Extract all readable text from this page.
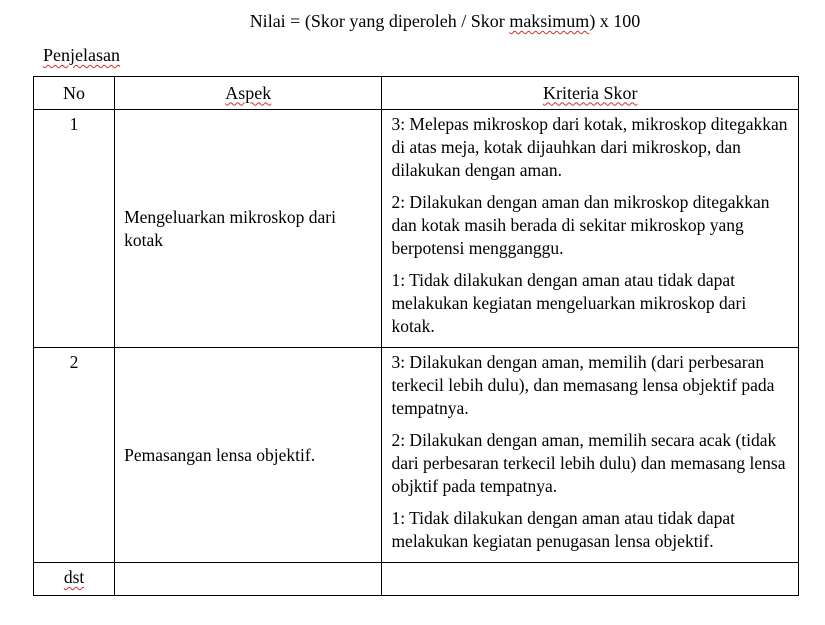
Nilai = (Skor yang diperoleh / Skor maksimum) x 100
Penjelasan
No	Aspek	Kriteria Skor
1	Mengeluarkan mikroskop dari kotak	3: Melepas mikroskop dari kotak, mikroskop ditegakkan di atas meja, kotak dijauhkan dari mikroskop, dan dilakukan dengan aman.

2: Dilakukan dengan aman dan mikroskop ditegakkan dan kotak masih berada di sekitar mikroskop yang berpotensi mengganggu.

1: Tidak dilakukan dengan aman atau tidak dapat melakukan kegiatan mengeluarkan mikroskop dari kotak.

2	Pemasangan lensa objektif.	3: Dilakukan dengan aman, memilih (dari perbesaran terkecil lebih dulu), dan memasang lensa objektif pada tempatnya.

2: Dilakukan dengan aman, memilih secara acak (tidak dari perbesaran terkecil lebih dulu) dan memasang lensa objktif pada tempatnya.

1: Tidak dilakukan dengan aman atau tidak dapat melakukan kegiatan penugasan lensa objektif.

dst		
